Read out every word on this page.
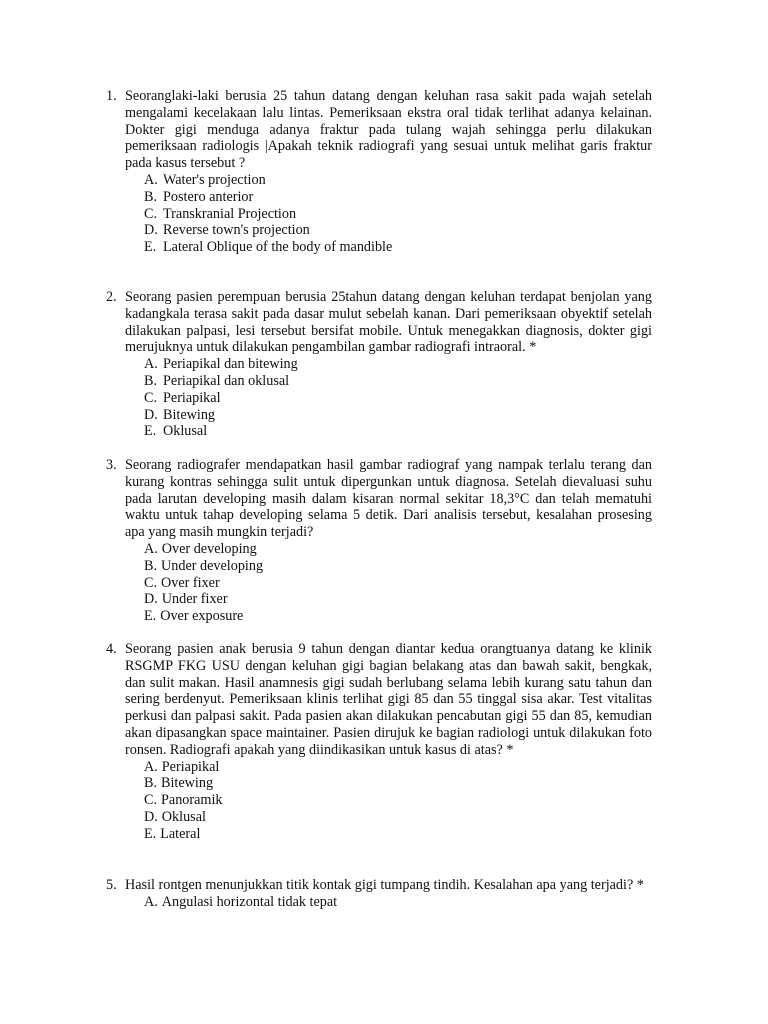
1. Seoranglaki-laki berusia 25 tahun datang dengan keluhan rasa sakit pada wajah setelah mengalami kecelakaan lalu lintas. Pemeriksaan ekstra oral tidak terlihat adanya kelainan. Dokter gigi menduga adanya fraktur pada tulang wajah sehingga perlu dilakukan pemeriksaan radiologis |Apakah teknik radiografi yang sesuai untuk melihat garis fraktur pada kasus tersebut ?
A. Water's projection
B. Postero anterior
C. Transkranial Projection
D. Reverse town's projection
E. Lateral Oblique of the body of mandible
2. Seorang pasien perempuan berusia 25tahun datang dengan keluhan terdapat benjolan yang kadangkala terasa sakit pada dasar mulut sebelah kanan. Dari pemeriksaan obyektif setelah dilakukan palpasi, lesi tersebut bersifat mobile. Untuk menegakkan diagnosis, dokter gigi merujuknya untuk dilakukan pengambilan gambar radiografi intraoral. *
A. Periapikal dan bitewing
B. Periapikal dan oklusal
C. Periapikal
D. Bitewing
E. Oklusal
3. Seorang radiografer mendapatkan hasil gambar radiograf yang nampak terlalu terang dan kurang kontras sehingga sulit untuk dipergunkan untuk diagnosa. Setelah dievaluasi suhu pada larutan developing masih dalam kisaran normal sekitar 18,3°C dan telah mematuhi waktu untuk tahap developing selama 5 detik. Dari analisis tersebut, kesalahan prosesing apa yang masih mungkin terjadi?
A. Over developing
B. Under developing
C. Over fixer
D. Under fixer
E. Over exposure
4. Seorang pasien anak berusia 9 tahun dengan diantar kedua orangtuanya datang ke klinik RSGMP FKG USU dengan keluhan gigi bagian belakang atas dan bawah sakit, bengkak, dan sulit makan. Hasil anamnesis gigi sudah berlubang selama lebih kurang satu tahun dan sering berdenyut. Pemeriksaan klinis terlihat gigi 85 dan 55 tinggal sisa akar. Test vitalitas perkusi dan palpasi sakit. Pada pasien akan dilakukan pencabutan gigi 55 dan 85, kemudian akan dipasangkan space maintainer. Pasien dirujuk ke bagian radiologi untuk dilakukan foto ronsen. Radiografi apakah yang diindikasikan untuk kasus di atas? *
A. Periapikal
B. Bitewing
C. Panoramik
D. Oklusal
E. Lateral
5. Hasil rontgen menunjukkan titik kontak gigi tumpang tindih. Kesalahan apa yang terjadi? *
A. Angulasi horizontal tidak tepat
